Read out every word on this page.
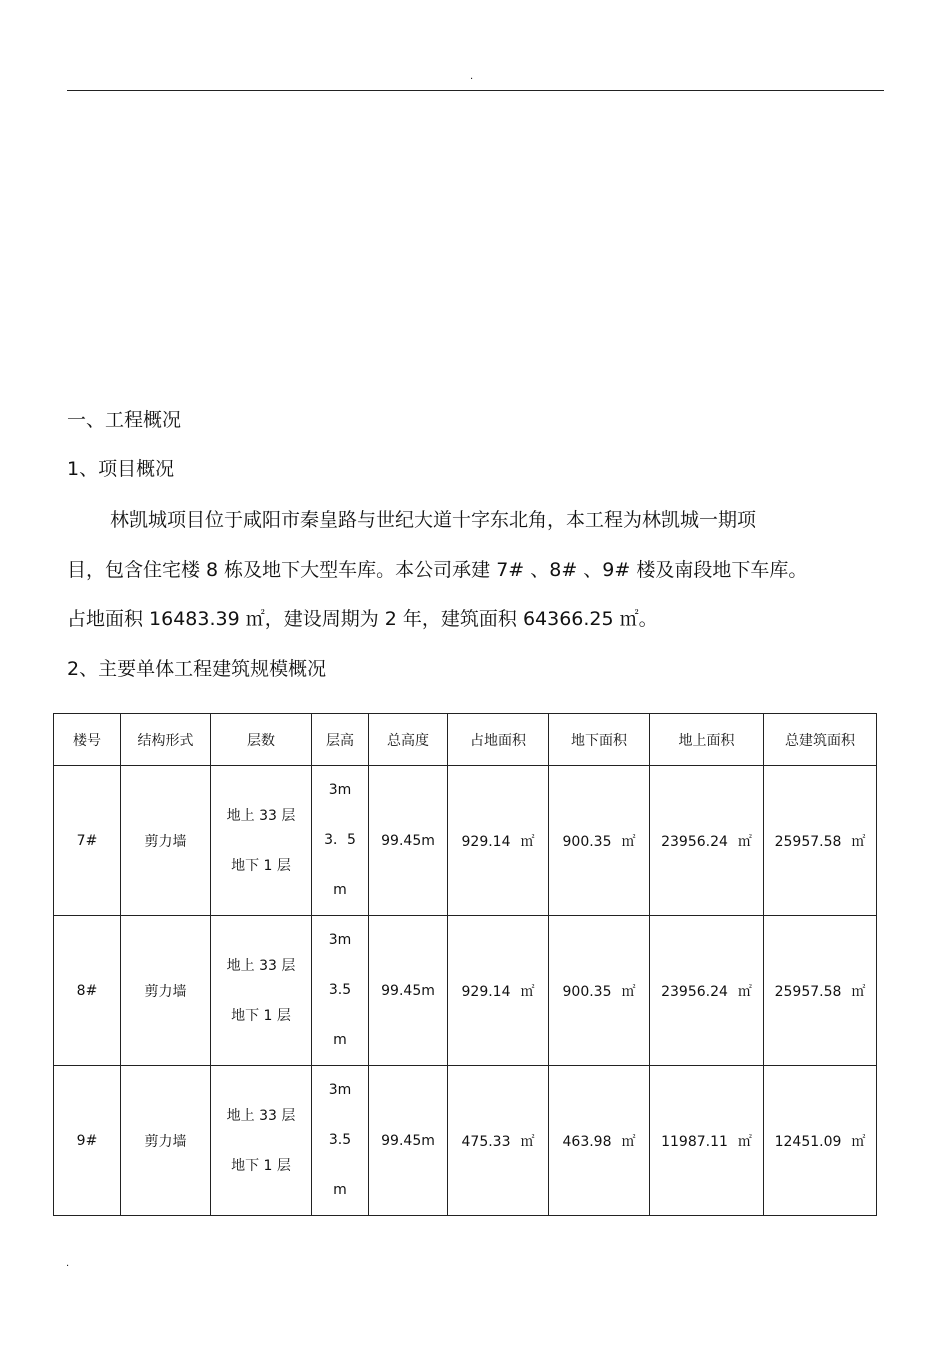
.
一、工程概况
1、项目概况
林凯城项目位于咸阳市秦皇路与世纪大道十字东北角，本工程为林凯城一期项
目，包含住宅楼 8 栋及地下大型车库。本公司承建 7# 、8# 、9# 楼及南段地下车库。
占地面积 16483.39 ㎡，建设周期为 2 年，建筑面积 64366.25 ㎡。
2、主要单体工程建筑规模概况
楼号	结构形式	层数	层高	总高度	占地面积	地下面积	地上面积	总建筑面积
7#	剪力墙	地上 33 层
地下 1 层	3m

3．5

m	99.45m	929.14 ㎡	900.35 ㎡	23956.24 ㎡	25957.58 ㎡
8#	剪力墙	地上 33 层
地下 1 层	3m

3.5

m	99.45m	929.14 ㎡	900.35 ㎡	23956.24 ㎡	25957.58 ㎡
9#	剪力墙	地上 33 层
地下 1 层	3m

3.5

m	99.45m	475.33 ㎡	463.98 ㎡	11987.11 ㎡	12451.09 ㎡
.
